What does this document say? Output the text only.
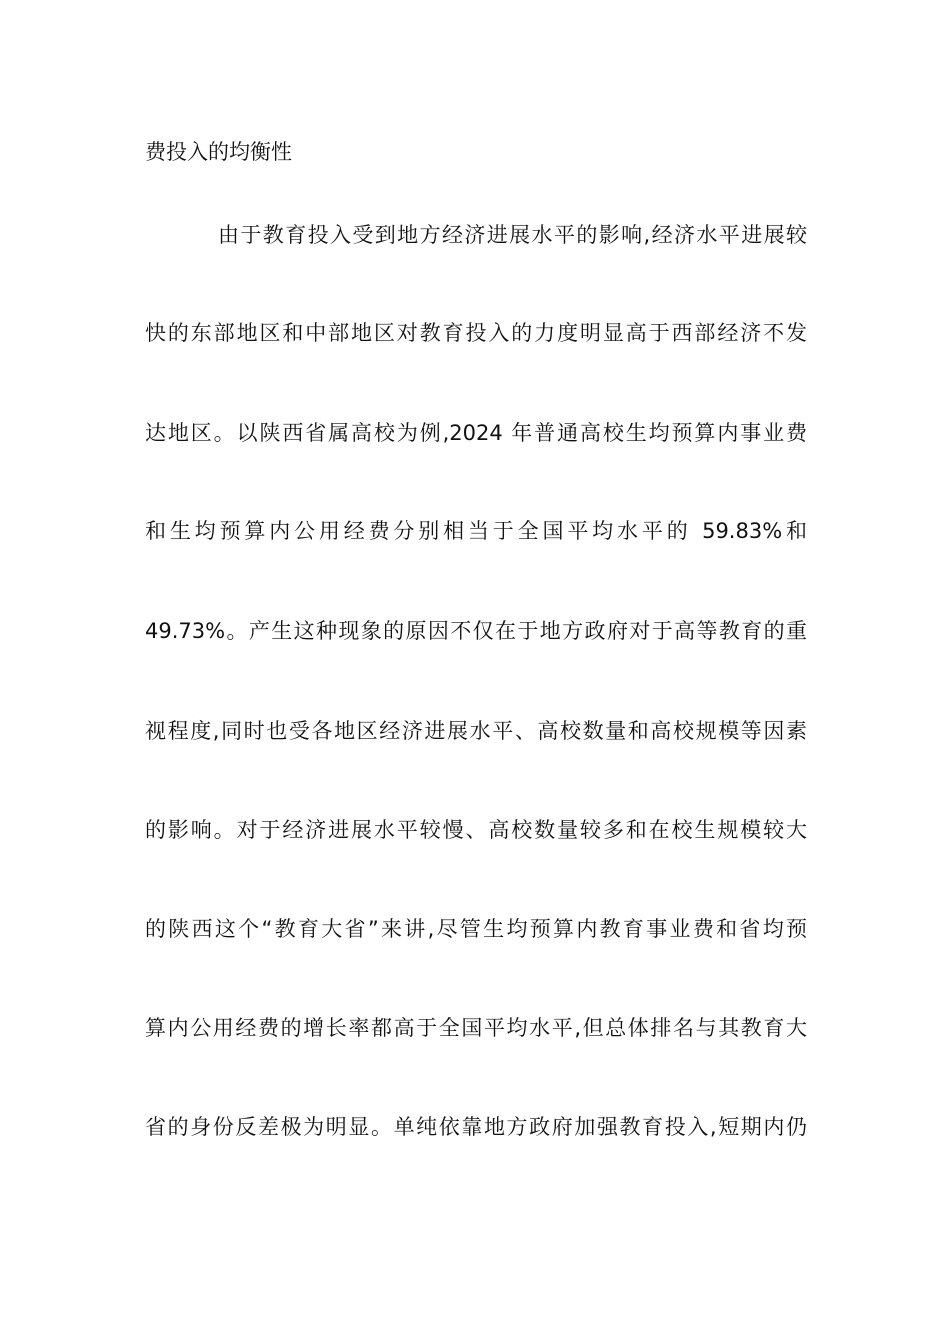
费投入的均衡性
由于教育投入受到地方经济进展水平的影响,经济水平进展较
快的东部地区和中部地区对教育投入的力度明显高于西部经济不发
达地区。以陕西省属高校为例,2024 年普通高校生均预算内事业费
和生均预算内公用经费分别相当于全国平均水平的 59.83%和
49.73%。产生这种现象的原因不仅在于地方政府对于高等教育的重
视程度,同时也受各地区经济进展水平、高校数量和高校规模等因素
的影响。对于经济进展水平较慢、高校数量较多和在校生规模较大
的陕西这个“教育大省”来讲,尽管生均预算内教育事业费和省均预
算内公用经费的增长率都高于全国平均水平,但总体排名与其教育大
省的身份反差极为明显。单纯依靠地方政府加强教育投入,短期内仍
